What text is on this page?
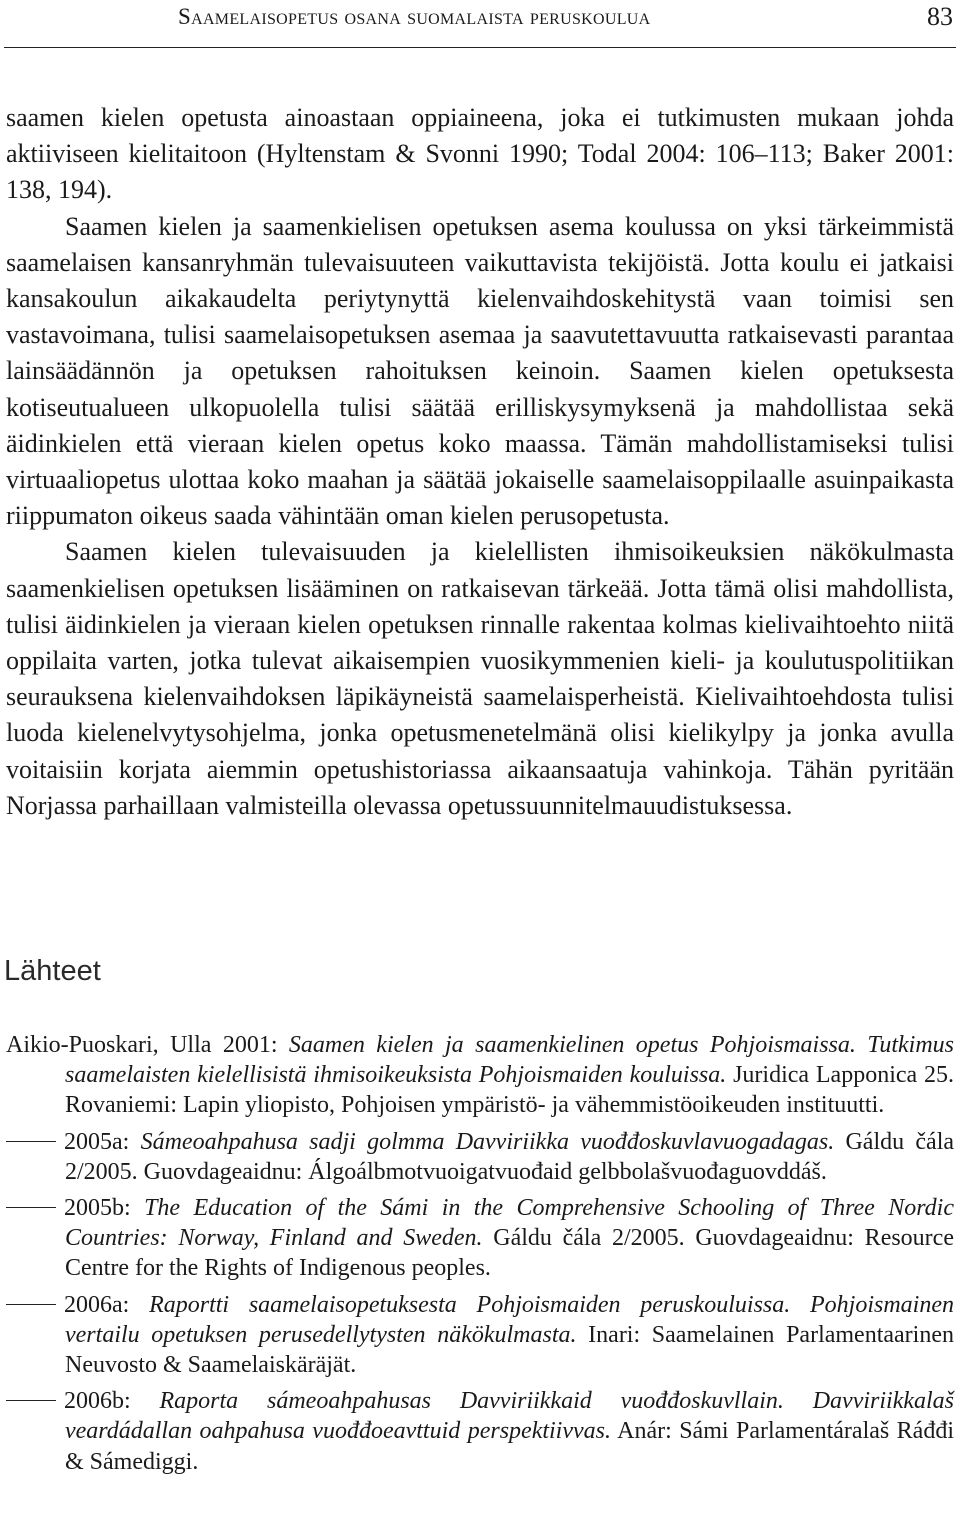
Saamelaisopetus osana suomalaista peruskoulua	83

saamen kielen opetusta ainoastaan oppiaineena, joka ei tutkimusten mukaan johda aktiiviseen kielitaitoon (Hyltenstam & Svonni 1990; Todal 2004: 106–113; Baker 2001: 138, 194).

Saamen kielen ja saamenkielisen opetuksen asema koulussa on yksi tärkeimmistä saamelaisen kansanryhmän tulevaisuuteen vaikuttavista tekijöistä. Jotta koulu ei jatkaisi kansakoulun aikakaudelta periytynyttä kielenvaihdoskehitystä vaan toimisi sen vastavoimana, tulisi saamelaisopetuksen asemaa ja saavutettavuutta ratkaisevasti parantaa lainsäädännön ja opetuksen rahoituksen keinoin. Saamen kielen opetuksesta kotiseutualueen ulkopuolella tulisi säätää erilliskysymyksenä ja mahdollistaa sekä äidinkielen että vieraan kielen opetus koko maassa. Tämän mahdollistamiseksi tulisi virtuaaliopetus ulottaa koko maahan ja säätää jokaiselle saamelaisoppilaalle asuinpaikasta riippumaton oikeus saada vähintään oman kielen perusopetusta.

Saamen kielen tulevaisuuden ja kielellisten ihmisoikeuksien näkökulmasta saamenkielisen opetuksen lisääminen on ratkaisevan tärkeää. Jotta tämä olisi mahdollista, tulisi äidinkielen ja vieraan kielen opetuksen rinnalle rakentaa kolmas kielivaihtoehto niitä oppilaita varten, jotka tulevat aikaisempien vuosikymmenien kieli- ja koulutuspolitiikan seurauksena kielenvaihdoksen läpikäyneistä saamelaisperheistä. Kielivaihtoehdosta tulisi luoda kielenelvytysohjelma, jonka opetusmenetelmänä olisi kielikylpy ja jonka avulla voitaisiin korjata aiemmin opetushistoriassa aikaansaatuja vahinkoja. Tähän pyritään Norjassa parhaillaan valmisteilla olevassa opetussuunnitelmauudistuksessa.

Lähteet

Aikio-Puoskari, Ulla 2001: Saamen kielen ja saamenkielinen opetus Pohjoismaissa. Tutkimus saamelaisten kielellisistä ihmisoikeuksista Pohjoismaiden kouluissa. Juridica Lapponica 25. Rovaniemi: Lapin yliopisto, Pohjoisen ympäristö- ja vähemmistöoikeuden instituutti.

2005a: Sámeoahpahusa sadji golmma Davviriikka vuođđoskuvlavuogadagas. Gáldu čála 2/2005. Guovdageaidnu: Álgoálbmotvuoigatvuođaid gelbbolašvuođaguovddáš.

2005b: The Education of the Sámi in the Comprehensive Schooling of Three Nordic Countries: Norway, Finland and Sweden. Gáldu čála 2/2005. Guovdageaidnu: Resource Centre for the Rights of Indigenous peoples.

2006a: Raportti saamelaisopetuksesta Pohjoismaiden peruskouluissa. Pohjoismainen vertailu opetuksen perusedellytysten näkökulmasta. Inari: Saamelainen Parlamentaarinen Neuvosto & Saamelaiskäräjät.

2006b: Raporta sámeoahpahusas Davviriikkaid vuođđoskuvllain. Davviriikkalaš veardádallan oahpahusa vuođđoeavttuid perspektiivvas. Anár: Sámi Parlamentáralaš Ráđđi & Sámediggi.
